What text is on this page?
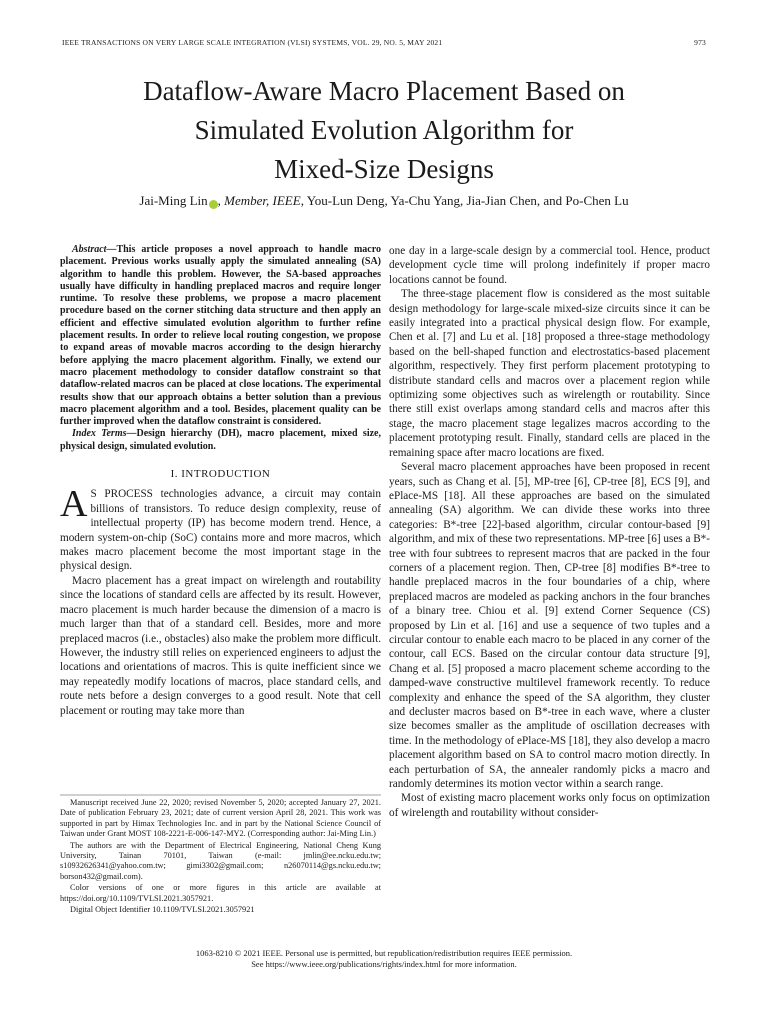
IEEE TRANSACTIONS ON VERY LARGE SCALE INTEGRATION (VLSI) SYSTEMS, VOL. 29, NO. 5, MAY 2021	973
Dataflow-Aware Macro Placement Based on
Simulated Evolution Algorithm for
Mixed-Size Designs
Jai-Ming Lin , Member, IEEE, You-Lun Deng, Ya-Chu Yang, Jia-Jian Chen, and Po-Chen Lu

Abstract—This article proposes a novel approach to handle macro placement. Previous works usually apply the simulated annealing (SA) algorithm to handle this problem. However, the SA-based approaches usually have difficulty in handling preplaced macros and require longer runtime. To resolve these problems, we propose a macro placement procedure based on the corner stitching data structure and then apply an efficient and effective simulated evolution algorithm to further refine placement results. In order to relieve local routing congestion, we propose to expand areas of movable macros according to the design hierarchy before applying the macro placement algorithm. Finally, we extend our macro placement methodology to consider dataflow constraint so that dataflow-related macros can be placed at close locations. The experimental results show that our approach obtains a better solution than a previous macro placement algorithm and a tool. Besides, placement quality can be further improved when the dataflow constraint is considered.

Index Terms—Design hierarchy (DH), macro placement, mixed size, physical design, simulated evolution.

I. INTRODUCTION

A S PROCESS technologies advance, a circuit may contain billions of transistors. To reduce design complexity, reuse of intellectual property (IP) has become modern trend. Hence, a modern system-on-chip (SoC) contains more and more macros, which makes macro placement become the most important stage in the physical design.

Macro placement has a great impact on wirelength and routability since the locations of standard cells are affected by its result. However, macro placement is much harder because the dimension of a macro is much larger than that of a standard cell. Besides, more and more preplaced macros (i.e., obstacles) also make the problem more difficult. However, the industry still relies on experienced engineers to adjust the locations and orientations of macros. This is quite inefficient since we may repeatedly modify locations of macros, place standard cells, and route nets before a design converges to a good result. Note that cell placement or routing may take more than

Manuscript received June 22, 2020; revised November 5, 2020; accepted January 27, 2021. Date of publication February 23, 2021; date of current version April 28, 2021. This work was supported in part by Himax Technologies Inc. and in part by the National Science Council of Taiwan under Grant MOST 108-2221-E-006-147-MY2. (Corresponding author: Jai-Ming Lin.)

The authors are with the Department of Electrical Engineering, National Cheng Kung University, Tainan 70101, Taiwan (e-mail: jmlin@ee.ncku.edu.tw; s10932626341@yahoo.com.tw; gimi3302@gmail.com; n26070114@gs.ncku.edu.tw; borson432@gmail.com).

Color versions of one or more figures in this article are available at https://doi.org/10.1109/TVLSI.2021.3057921.

Digital Object Identifier 10.1109/TVLSI.2021.3057921

one day in a large-scale design by a commercial tool. Hence, product development cycle time will prolong indefinitely if proper macro locations cannot be found.

The three-stage placement flow is considered as the most suitable design methodology for large-scale mixed-size circuits since it can be easily integrated into a practical physical design flow. For example, Chen et al. [7] and Lu et al. [18] proposed a three-stage methodology based on the bell-shaped function and electrostatics-based placement algorithm, respectively. They first perform placement prototyping to distribute standard cells and macros over a placement region while optimizing some objectives such as wirelength or routability. Since there still exist overlaps among standard cells and macros after this stage, the macro placement stage legalizes macros according to the placement prototyping result. Finally, standard cells are placed in the remaining space after macro locations are fixed.

Several macro placement approaches have been proposed in recent years, such as Chang et al. [5], MP-tree [6], CP-tree [8], ECS [9], and ePlace-MS [18]. All these approaches are based on the simulated annealing (SA) algorithm. We can divide these works into three categories: B*-tree [22]-based algorithm, circular contour-based [9] algorithm, and mix of these two representations. MP-tree [6] uses a B*-tree with four subtrees to represent macros that are packed in the four corners of a placement region. Then, CP-tree [8] modifies B*-tree to handle preplaced macros in the four boundaries of a chip, where preplaced macros are modeled as packing anchors in the four branches of a binary tree. Chiou et al. [9] extend Corner Sequence (CS) proposed by Lin et al. [16] and use a sequence of two tuples and a circular contour to enable each macro to be placed in any corner of the contour, call ECS. Based on the circular contour data structure [9], Chang et al. [5] proposed a macro placement scheme according to the damped-wave constructive multilevel framework recently. To reduce complexity and enhance the speed of the SA algorithm, they cluster and decluster macros based on B*-tree in each wave, where a cluster size becomes smaller as the amplitude of oscillation decreases with time. In the methodology of ePlace-MS [18], they also develop a macro placement algorithm based on SA to control macro motion directly. In each perturbation of SA, the annealer randomly picks a macro and randomly determines its motion vector within a search range.

Most of existing macro placement works only focus on optimization of wirelength and routability without consider-

1063-8210 © 2021 IEEE. Personal use is permitted, but republication/redistribution requires IEEE permission.
See https://www.ieee.org/publications/rights/index.html for more information.
